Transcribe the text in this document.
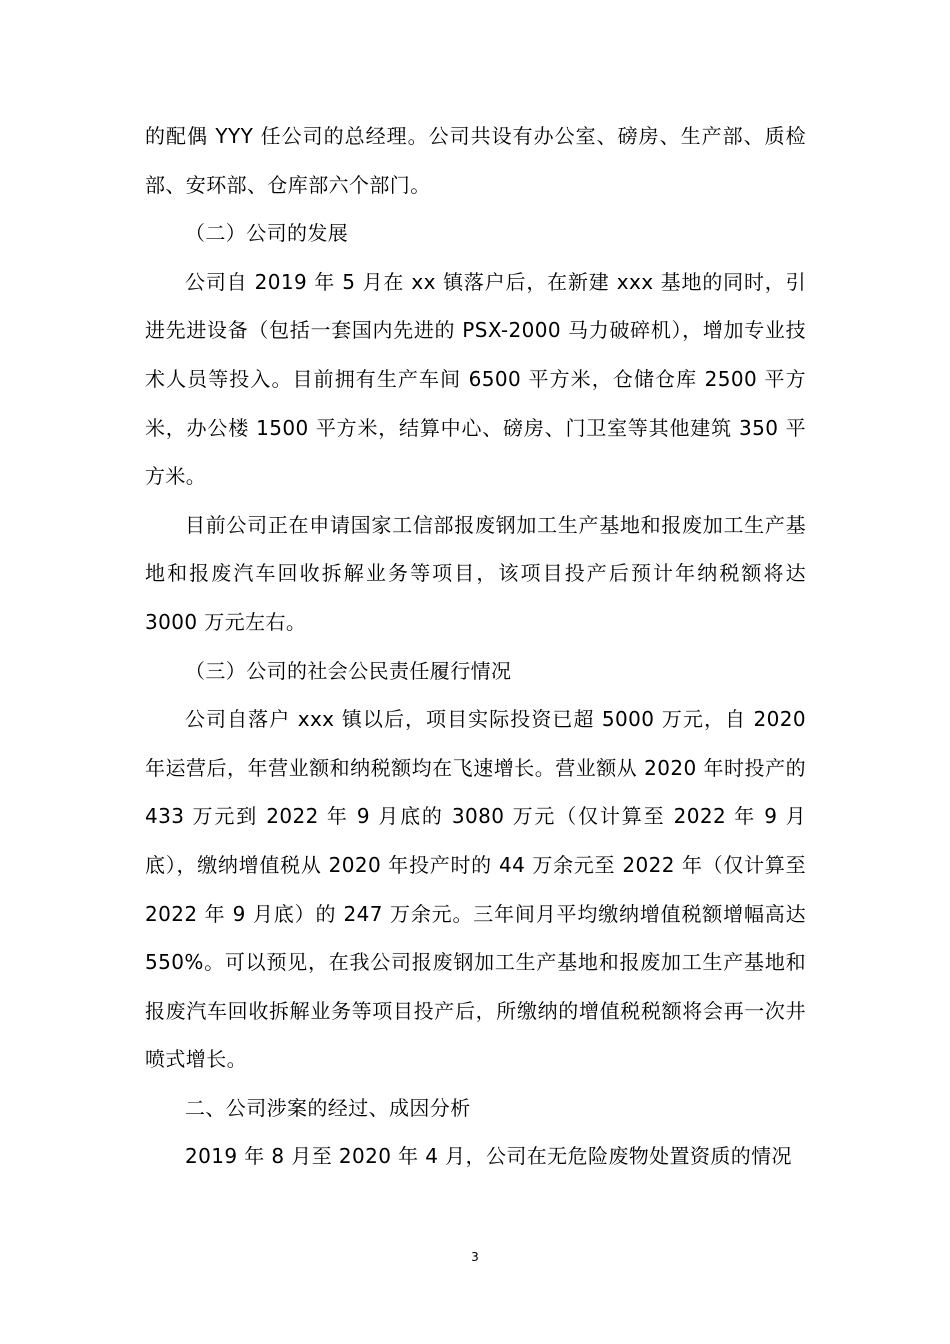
的配偶 YYY 任公司的总经理。公司共设有办公室、磅房、生产部、质检部、安环部、仓库部六个部门。

（二）公司的发展

公司自 2019 年 5 月在 xx 镇落户后，在新建 xxx 基地的同时，引进先进设备（包括一套国内先进的 PSX-2000 马力破碎机），增加专业技术人员等投入。目前拥有生产车间 6500 平方米，仓储仓库 2500 平方米，办公楼 1500 平方米，结算中心、磅房、门卫室等其他建筑 350 平方米。

目前公司正在申请国家工信部报废钢加工生产基地和报废加工生产基地和报废汽车回收拆解业务等项目，该项目投产后预计年纳税额将达 3000 万元左右。

（三）公司的社会公民责任履行情况

公司自落户 xxx 镇以后，项目实际投资已超 5000 万元，自 2020 年运营后，年营业额和纳税额均在飞速增长。营业额从 2020 年时投产的 433 万元到 2022 年 9 月底的 3080 万元（仅计算至 2022 年 9 月底），缴纳增值税从 2020 年投产时的 44 万余元至 2022 年（仅计算至 2022 年 9 月底）的 247 万余元。三年间月平均缴纳增值税额增幅高达 550%。可以预见，在我公司报废钢加工生产基地和报废加工生产基地和报废汽车回收拆解业务等项目投产后，所缴纳的增值税税额将会再一次井喷式增长。

二、公司涉案的经过、成因分析

2019 年 8 月至 2020 年 4 月，公司在无危险废物处置资质的情况

3
